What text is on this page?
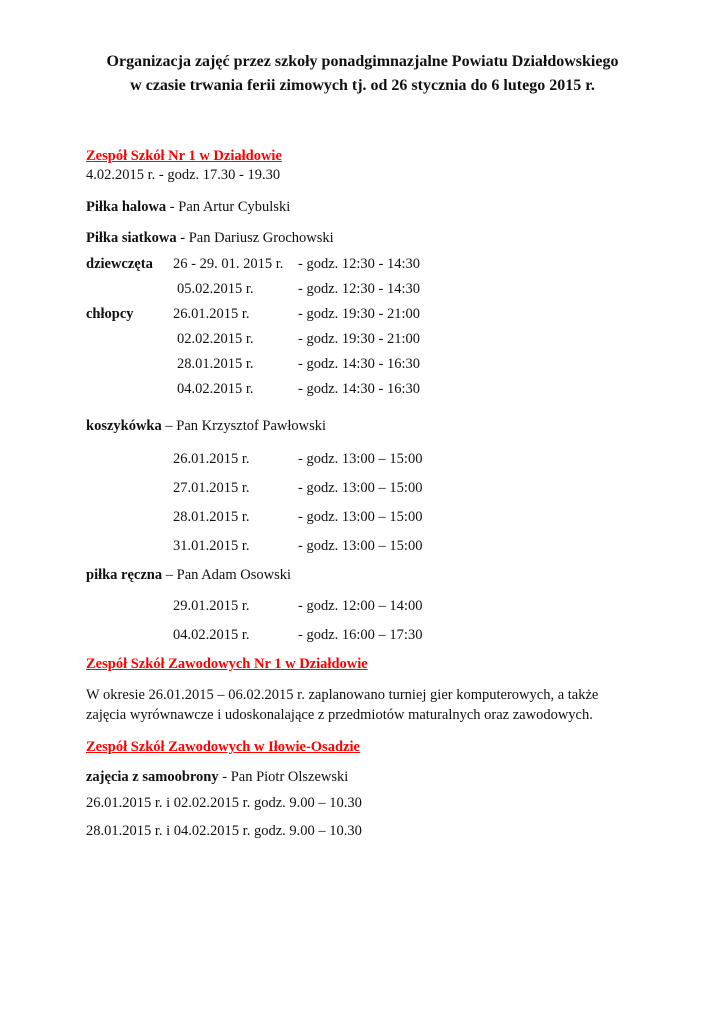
Organizacja zajęć przez szkoły ponadgimnazjalne Powiatu Działdowskiego
w czasie trwania ferii zimowych tj. od 26 stycznia do 6 lutego 2015 r.
Zespół Szkół Nr 1 w Działdowie
4.02.2015 r. - godz. 17.30 - 19.30
Piłka halowa - Pan Artur Cybulski
Piłka siatkowa - Pan Dariusz Grochowski
dziewczęta 26 - 29. 01. 2015 r. - godz. 12:30 - 14:30
05.02.2015 r.	- godz. 12:30 - 14:30
chłopcy	26.01.2015 r.	- godz. 19:30 - 21:00
02.02.2015 r.	- godz. 19:30 - 21:00
28.01.2015 r.	- godz. 14:30 - 16:30
04.02.2015 r.	- godz. 14:30 - 16:30
koszykówka – Pan Krzysztof Pawłowski
26.01.2015 r.	- godz. 13:00 – 15:00
27.01.2015 r.	- godz. 13:00 – 15:00
28.01.2015 r.	- godz. 13:00 – 15:00
31.01.2015 r.	- godz. 13:00 – 15:00
piłka ręczna – Pan Adam Osowski
29.01.2015 r.	- godz. 12:00 – 14:00
04.02.2015 r.	- godz. 16:00 – 17:30
Zespół Szkół Zawodowych Nr 1 w Działdowie
W okresie 26.01.2015 – 06.02.2015 r. zaplanowano turniej gier komputerowych, a także
zajęcia wyrównawcze i udoskonalające z przedmiotów maturalnych oraz zawodowych.
Zespół Szkół Zawodowych w Iłowie-Osadzie
zajęcia z samoobrony - Pan Piotr Olszewski
26.01.2015 r. i 02.02.2015 r. godz. 9.00 – 10.30
28.01.2015 r. i 04.02.2015 r. godz. 9.00 – 10.30
